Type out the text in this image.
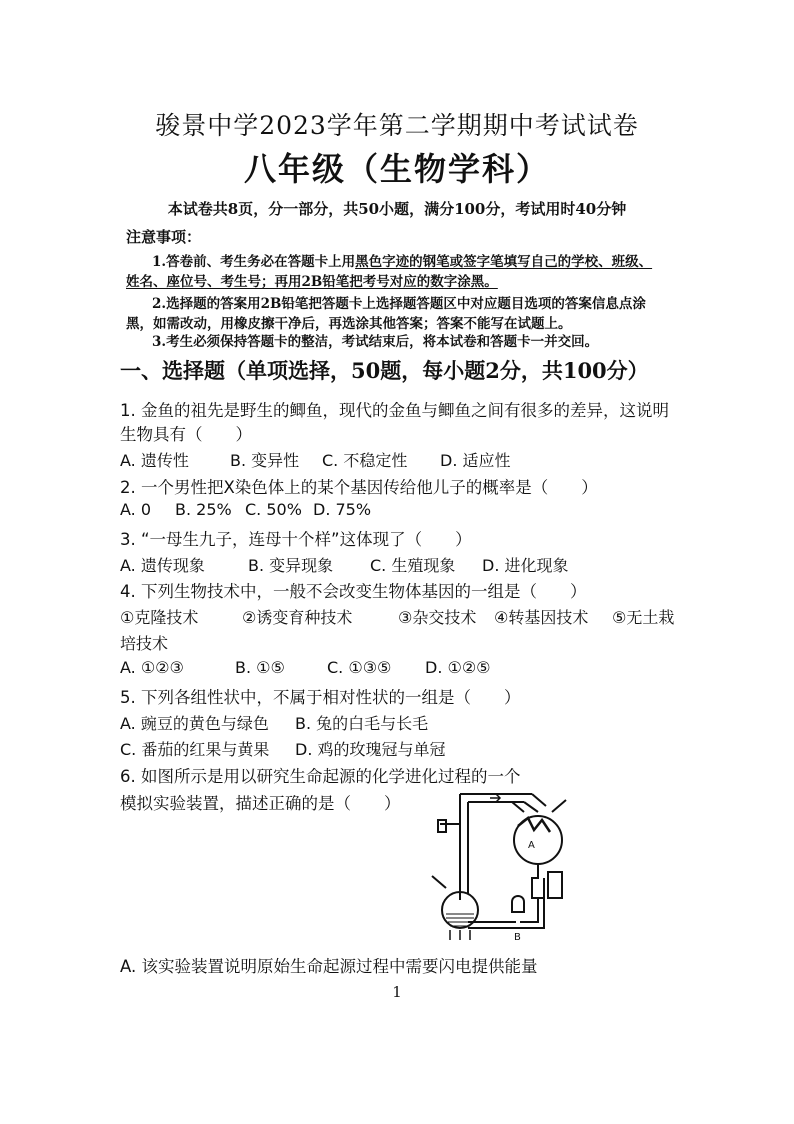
骏景中学2023学年第二学期期中考试试卷
八年级（生物学科）
本试卷共8页，分一部分，共50小题，满分100分，考试用时40分钟
注意事项：
1.答卷前、考生务必在答题卡上用黑色字迹的钢笔或签字笔填写自己的学校、班级、
姓名、座位号、考生号；再用2B铅笔把考号对应的数字涂黑。
2.选择题的答案用2B铅笔把答题卡上选择题答题区中对应题目选项的答案信息点涂
黑，如需改动，用橡皮擦干净后，再选涂其他答案；答案不能写在试题上。
3.考生必须保持答题卡的整洁，考试结束后，将本试卷和答题卡一并交回。
一、选择题（单项选择，50题，每小题2分，共100分）
1. 金鱼的祖先是野生的鲫鱼，现代的金鱼与鲫鱼之间有很多的差异，这说明
生物具有（　　）
A. 遗传性	B. 变异性 C. 不稳定性 D. 适应性
2. 一个男性把X染色体上的某个基因传给他儿子的概率是（　　）
A. 0 B. 25% C. 50% D. 75%
3. “一母生九子，连母十个样”这体现了（　　）
A. 遗传现象	B. 变异现象 C. 生殖现象 D. 进化现象
4. 下列生物技术中，一般不会改变生物体基因的一组是（　　）
①克隆技术	②诱变育种技术	③杂交技术 ④转基因技术 ⑤无土栽
培技术
A. ①②③	B. ①⑤	C. ①③⑤ D. ①②⑤
5. 下列各组性状中，不属于相对性状的一组是（　　）
A. 豌豆的黄色与绿色 B. 兔的白毛与长毛
C. 番茄的红果与黄果 D. 鸡的玫瑰冠与单冠
6. 如图所示是用以研究生命起源的化学进化过程的一个
模拟实验装置，描述正确的是（　　）
A
B
A. 该实验装置说明原始生命起源过程中需要闪电提供能量
1
